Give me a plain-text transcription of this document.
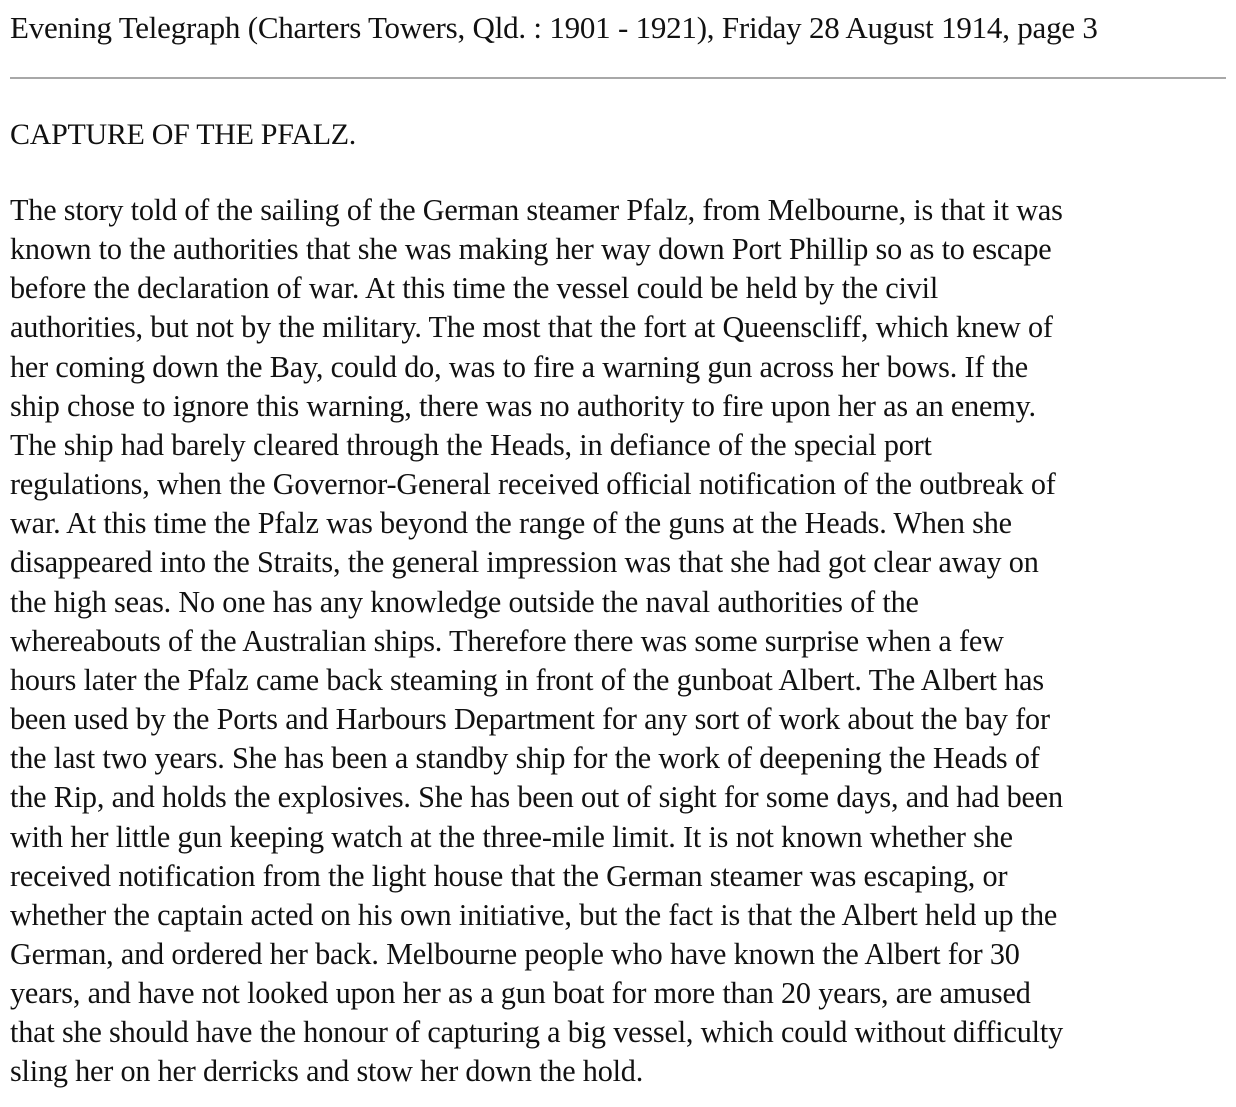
Evening Telegraph (Charters Towers, Qld. : 1901 - 1921), Friday 28 August 1914, page 3

CAPTURE OF THE PFALZ.
The story told of the sailing of the German steamer Pfalz, from Melbourne, is that it was
known to the authorities that she was making her way down Port Phillip so as to escape
before the declaration of war. At this time the vessel could be held by the civil
authorities, but not by the military. The most that the fort at Queenscliff, which knew of
her coming down the Bay, could do, was to fire a warning gun across her bows. If the
ship chose to ignore this warning, there was no authority to fire upon her as an enemy.
The ship had barely cleared through the Heads, in defiance of the special port
regulations, when the Governor-General received official notification of the outbreak of
war. At this time the Pfalz was beyond the range of the guns at the Heads. When she
disappeared into the Straits, the general impression was that she had got clear away on
the high seas. No one has any knowledge outside the naval authorities of the
whereabouts of the Australian ships. Therefore there was some surprise when a few
hours later the Pfalz came back steaming in front of the gunboat Albert. The Albert has
been used by the Ports and Harbours Department for any sort of work about the bay for
the last two years. She has been a standby ship for the work of deepening the Heads of
the Rip, and holds the explosives. She has been out of sight for some days, and had been
with her little gun keeping watch at the three-mile limit. It is not known whether she
received notification from the light house that the German steamer was escaping, or
whether the captain acted on his own initiative, but the fact is that the Albert held up the
German, and ordered her back. Melbourne people who have known the Albert for 30
years, and have not looked upon her as a gun boat for more than 20 years, are amused
that she should have the honour of capturing a big vessel, which could without difficulty
sling her on her derricks and stow her down the hold.
